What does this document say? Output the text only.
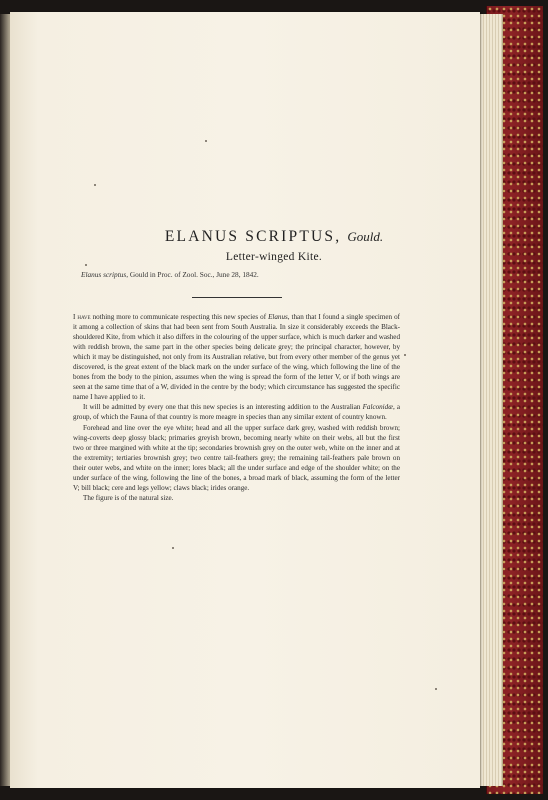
ELANUS SCRIPTUS, Gould.
Letter-winged Kite.
Elanus scriptus, Gould in Proc. of Zool. Soc., June 28, 1842.

I have nothing more to communicate respecting this new species of Elanus, than that I found a single specimen of it among a collection of skins that had been sent from South Australia. In size it considerably exceeds the Black-shouldered Kite, from which it also differs in the colouring of the upper surface, which is much darker and washed with reddish brown, the same part in the other species being delicate grey; the principal character, however, by which it may be distinguished, not only from its Australian relative, but from every other member of the genus yet discovered, is the great extent of the black mark on the under surface of the wing, which following the line of the bones from the body to the pinion, assumes when the wing is spread the form of the letter V, or if both wings are seen at the same time that of a W, divided in the centre by the body; which circumstance has suggested the specific name I have applied to it.

It will be admitted by every one that this new species is an interesting addition to the Australian Falconidæ, a group, of which the Fauna of that country is more meagre in species than any similar extent of country known.

Forehead and line over the eye white; head and all the upper surface dark grey, washed with reddish brown; wing-coverts deep glossy black; primaries greyish brown, becoming nearly white on their webs, all but the first two or three margined with white at the tip; secondaries brownish grey on the outer web, white on the inner and at the extremity; tertiaries brownish grey; two centre tail-feathers grey; the remaining tail-feathers pale brown on their outer webs, and white on the inner; lores black; all the under surface and edge of the shoulder white; on the under surface of the wing, following the line of the bones, a broad mark of black, assuming the form of the letter V; bill black; cere and legs yellow; claws black; irides orange.

The figure is of the natural size.
